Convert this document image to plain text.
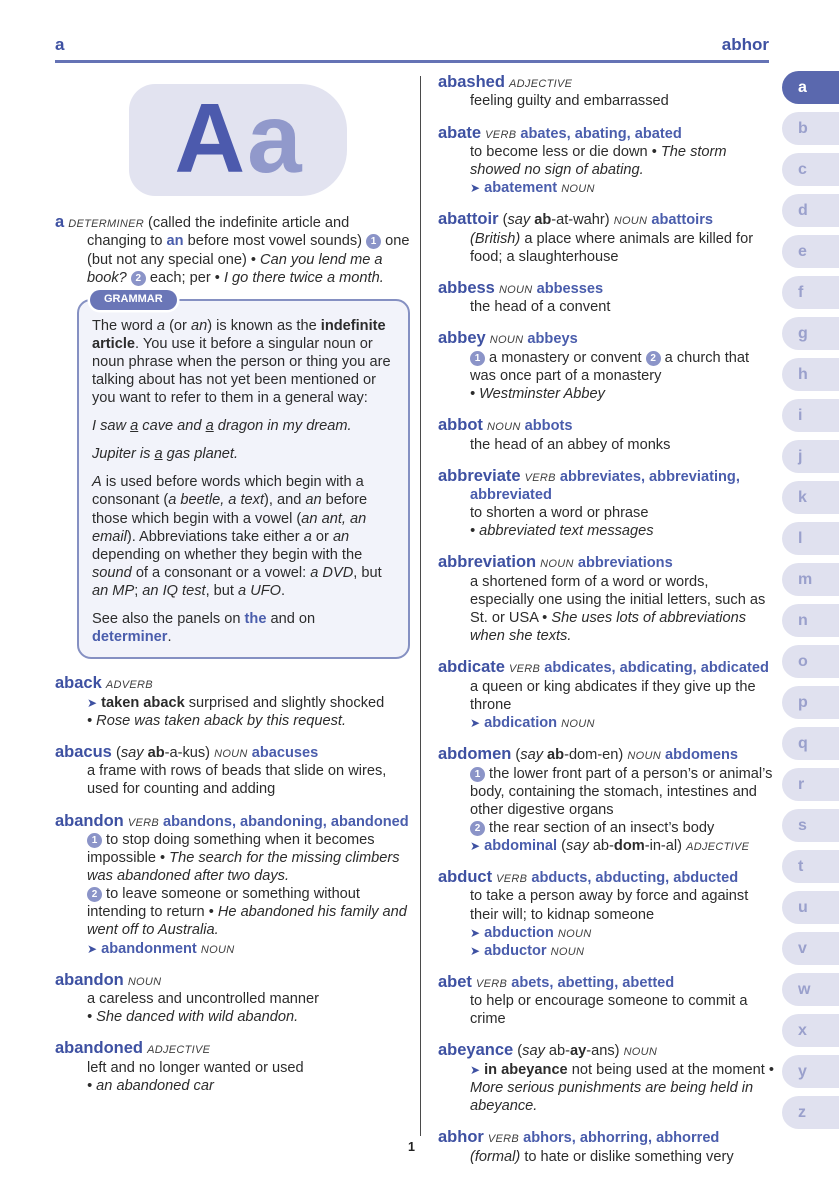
a	abhor
Aa
a DETERMINER (called the indefinite article and changing to an before most vowel sounds) 1 one (but not any special one) • Can you lend me a book? 2 each; per • I go there twice a month.
GRAMMAR

The word a (or an) is known as the indefinite article. You use it before a singular noun or noun phrase when the person or thing you are talking about has not yet been mentioned or you want to refer to them in a general way:

I saw a cave and a dragon in my dream.

Jupiter is a gas planet.

A is used before words which begin with a consonant (a beetle, a text), and an before those which begin with a vowel (an ant, an email). Abbreviations take either a or an depending on whether they begin with the sound of a consonant or a vowel: a DVD, but an MP; an IQ test, but a UFO.

See also the panels on the and on determiner.

aback ADVERB
➤ taken aback surprised and slightly shocked
• Rose was taken aback by this request.
abacus (say ab-a-kus) NOUN abacuses
a frame with rows of beads that slide on wires, used for counting and adding
abandon VERB abandons, abandoning, abandoned
1 to stop doing something when it becomes impossible • The search for the missing climbers was abandoned after two days.
2 to leave someone or something without intending to return • He abandoned his family and went off to Australia.
➤ abandonment NOUN
abandon NOUN
a careless and uncontrolled manner
• She danced with wild abandon.
abandoned ADJECTIVE
left and no longer wanted or used
• an abandoned car
abashed ADJECTIVE
feeling guilty and embarrassed
abate VERB abates, abating, abated
to become less or die down • The storm showed no sign of abating.
➤ abatement NOUN
abattoir (say ab-at-wahr) NOUN abattoirs
(British) a place where animals are killed for food; a slaughterhouse
abbess NOUN abbesses
the head of a convent
abbey NOUN abbeys
1 a monastery or convent 2 a church that was once part of a monastery
• Westminster Abbey
abbot NOUN abbots
the head of an abbey of monks
abbreviate VERB abbreviates, abbreviating, abbreviated
to shorten a word or phrase
• abbreviated text messages
abbreviation NOUN abbreviations
a shortened form of a word or words, especially one using the initial letters, such as St. or USA • She uses lots of abbreviations when she texts.
abdicate VERB abdicates, abdicating, abdicated
a queen or king abdicates if they give up the throne
➤ abdication NOUN
abdomen (say ab-dom-en) NOUN abdomens
1 the lower front part of a person’s or animal’s body, containing the stomach, intestines and other digestive organs
2 the rear section of an insect’s body
➤ abdominal (say ab-dom-in-al) ADJECTIVE
abduct VERB abducts, abducting, abducted
to take a person away by force and against their will; to kidnap someone
➤ abduction NOUN
➤ abductor NOUN
abet VERB abets, abetting, abetted
to help or encourage someone to commit a crime
abeyance (say ab-ay-ans) NOUN
➤ in abeyance not being used at the moment • More serious punishments are being held in abeyance.
abhor VERB abhors, abhorring, abhorred
(formal) to hate or dislike something very
a
b
c
d
e
f
g
h
i
j
k
l
m
n
o
p
q
r
s
t
u
v
w
x
y
z
1
